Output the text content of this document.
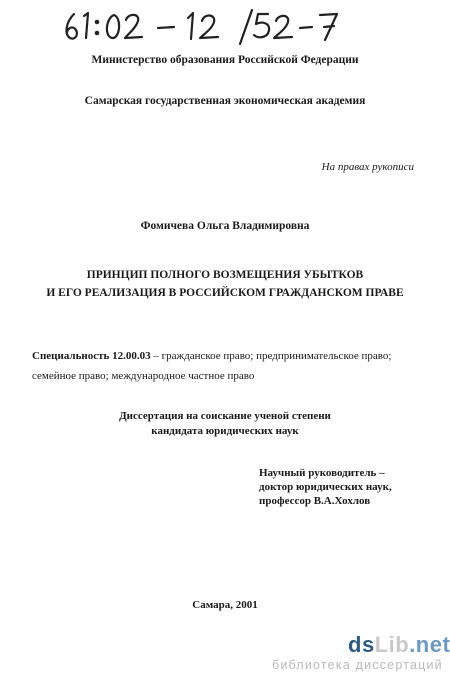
Министерство образования Российской Федерации
Самарская государственная экономическая академия
На правах рукописи
Фомичева Ольга Владимировна
ПРИНЦИП ПОЛНОГО ВОЗМЕЩЕНИЯ УБЫТКОВ
И ЕГО РЕАЛИЗАЦИЯ В РОССИЙСКОМ ГРАЖДАНСКОМ ПРАВЕ
Специальность 12.00.03 – гражданское право; предпринимательское право;
семейное право; международное частное право
Диссертация на соискание ученой степени
кандидата юридических наук
Научный руководитель –
доктор юридических наук,
профессор В.А.Хохлов
Самара, 2001
dsLib.net
библиотека диссертаций
